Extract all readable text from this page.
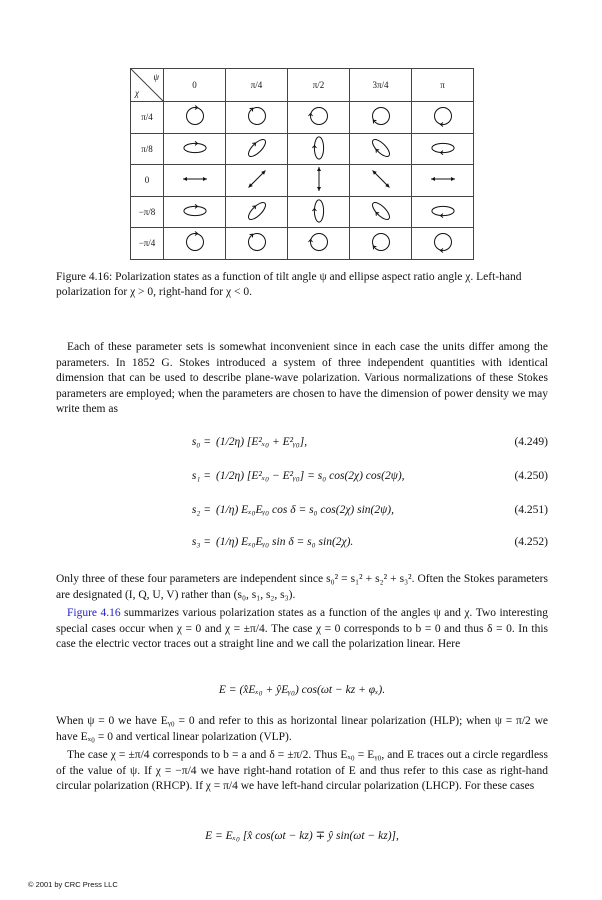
ψ
χ	0	π/4	π/2	3π/4	π
π/4					
π/8					
0					
−π/8					
−π/4					
Figure 4.16: Polarization states as a function of tilt angle ψ and ellipse aspect ratio angle χ. Left-hand polarization for χ > 0, right-hand for χ < 0.
Each of these parameter sets is somewhat inconvenient since in each case the units differ among the parameters. In 1852 G. Stokes introduced a system of three independent quantities with identical dimension that can be used to describe plane-wave polarization. Various normalizations of these Stokes parameters are employed; when the parameters are chosen to have the dimension of power density we may write them as
s₀ = (1/2η) [E²ₓ₀ + E²ᵧ₀],	(4.249)
s₁ = (1/2η) [E²ₓ₀ − E²ᵧ₀] = s₀ cos(2χ) cos(2ψ),	(4.250)
s₂ = (1/η) Eₓ₀Eᵧ₀ cos δ = s₀ cos(2χ) sin(2ψ),	(4.251)
s₃ = (1/η) Eₓ₀Eᵧ₀ sin δ = s₀ sin(2χ).	(4.252)
Only three of these four parameters are independent since s₀² = s₁² + s₂² + s₃². Often the Stokes parameters are designated (I, Q, U, V) rather than (s₀, s₁, s₂, s₃).
Figure 4.16 summarizes various polarization states as a function of the angles ψ and χ. Two interesting special cases occur when χ = 0 and χ = ±π/4. The case χ = 0 corresponds to b = 0 and thus δ = 0. In this case the electric vector traces out a straight line and we call the polarization linear. Here
E = (x̂Eₓ₀ + ŷEᵧ₀) cos(ωt − kz + φₓ).
When ψ = 0 we have Eᵧ₀ = 0 and refer to this as horizontal linear polarization (HLP); when ψ = π/2 we have Eₓ₀ = 0 and vertical linear polarization (VLP).
The case χ = ±π/4 corresponds to b = a and δ = ±π/2. Thus Eₓ₀ = Eᵧ₀, and E traces out a circle regardless of the value of ψ. If χ = −π/4 we have right-hand rotation of E and thus refer to this case as right-hand circular polarization (RHCP). If χ = π/4 we have left-hand circular polarization (LHCP). For these cases
E = Eₓ₀ [x̂ cos(ωt − kz) ∓ ŷ sin(ωt − kz)],
© 2001 by CRC Press LLC
